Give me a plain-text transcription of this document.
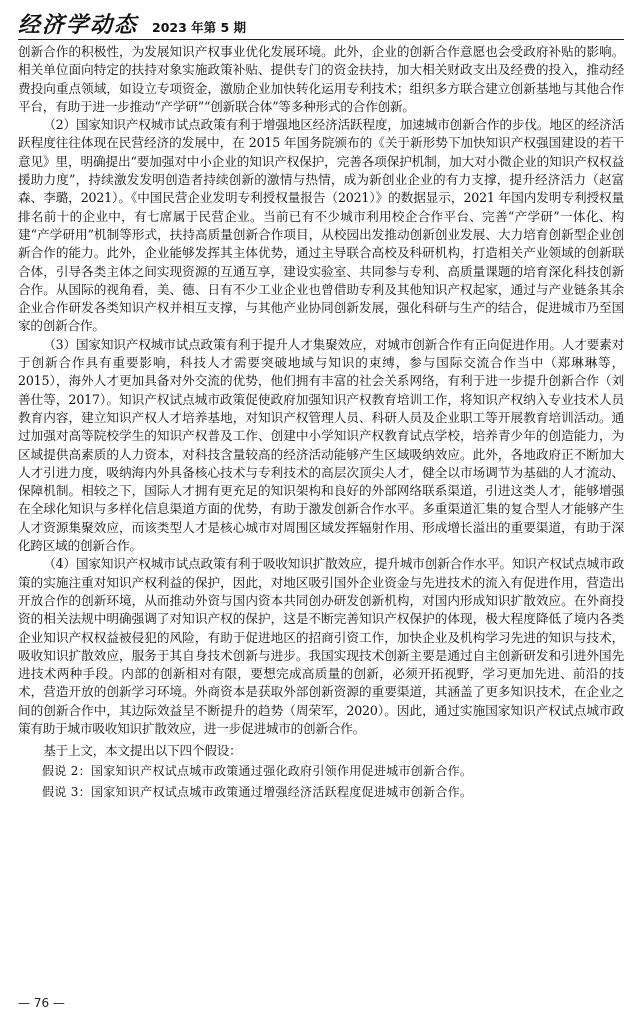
经济学动态 2023 年第 5 期

创新合作的积极性，为发展知识产权事业优化发展环境。此外，企业的创新合作意愿也会受政府补贴的影响。相关单位面向特定的扶持对象实施政策补贴、提供专门的资金扶持，加大相关财政支出及经费的投入，推动经费投向重点领域，如设立专项资金，激励企业加快转化运用专利技术；组织多方联合建立创新基地与其他合作平台，有助于进一步推动“产学研”“创新联合体”等多种形式的合作创新。

（2）国家知识产权城市试点政策有利于增强地区经济活跃程度，加速城市创新合作的步伐。地区的经济活跃程度往往体现在民营经济的发展中，在 2015 年国务院颁布的《关于新形势下加快知识产权强国建设的若干意见》里，明确提出“要加强对中小企业的知识产权保护，完善各项保护机制，加大对小微企业的知识产权权益援助力度”，持续激发发明创造者持续创新的激情与热情，成为新创业企业的有力支撑，提升经济活力（赵富森、李璐，2021）。《中国民营企业发明专利授权量报告（2021）》的数据显示，2021 年国内发明专利授权量排名前十的企业中，有七席属于民营企业。当前已有不少城市利用校企合作平台、完善“产学研”一体化、构建“产学研用”机制等形式，扶持高质量创新合作项目，从校园出发推动创新创业发展、大力培育创新型企业创新合作的能力。此外，企业能够发挥其主体优势，通过主导联合高校及科研机构，打造相关产业领域的创新联合体，引导各类主体之间实现资源的互通互享，建设实验室、共同参与专利、高质量课题的培育深化科技创新合作。从国际的视角看，美、德、日有不少工业企业也曾借助专利及其他知识产权起家，通过与产业链条其余企业合作研发各类知识产权并相互支撑，与其他产业协同创新发展，强化科研与生产的结合，促进城市乃至国家的创新合作。

（3）国家知识产权城市试点政策有利于提升人才集聚效应，对城市创新合作有正向促进作用。人才要素对于创新合作具有重要影响，科技人才需要突破地域与知识的束缚，参与国际交流合作当中（郑琳琳等，2015），海外人才更加具备对外交流的优势，他们拥有丰富的社会关系网络，有利于进一步提升创新合作（刘善仕等，2017）。知识产权试点城市政策促使政府加强知识产权教育培训工作，将知识产权纳入专业技术人员教育内容，建立知识产权人才培养基地，对知识产权管理人员、科研人员及企业职工等开展教育培训活动。通过加强对高等院校学生的知识产权普及工作、创建中小学知识产权教育试点学校，培养青少年的创造能力，为区域提供高素质的人力资本，对科技含量较高的经济活动能够产生区域吸纳效应。此外，各地政府正不断加大人才引进力度，吸纳海内外具备核心技术与专利技术的高层次顶尖人才，健全以市场调节为基础的人才流动、保障机制。相较之下，国际人才拥有更充足的知识架构和良好的外部网络联系渠道，引进这类人才，能够增强在全球化知识与多样化信息渠道方面的优势，有助于激发创新合作水平。多重渠道汇集的复合型人才能够产生人才资源集聚效应，而该类型人才是核心城市对周围区域发挥辐射作用、形成增长溢出的重要渠道，有助于深化跨区域的创新合作。

（4）国家知识产权城市试点政策有利于吸收知识扩散效应，提升城市创新合作水平。知识产权试点城市政策的实施注重对知识产权利益的保护，因此，对地区吸引国外企业资金与先进技术的流入有促进作用，营造出开放合作的创新环境，从而推动外资与国内资本共同创办研发创新机构，对国内形成知识扩散效应。在外商投资的相关法规中明确强调了对知识产权的保护，这是不断完善知识产权保护的体现，极大程度降低了境内各类企业知识产权权益被侵犯的风险，有助于促进地区的招商引资工作，加快企业及机构学习先进的知识与技术，吸收知识扩散效应，服务于其自身技术创新与进步。我国实现技术创新主要是通过自主创新研发和引进外国先进技术两种手段。内部的创新相对有限，要想完成高质量的创新，必须开拓视野，学习更加先进、前沿的技术，营造开放的创新学习环境。外商资本是获取外部创新资源的重要渠道，其涵盖了更多知识技术，在企业之间的创新合作中，其边际效益呈不断提升的趋势（周荣军，2020）。因此，通过实施国家知识产权试点城市政策有助于城市吸收知识扩散效应，进一步促进城市的创新合作。

基于上文，本文提出以下四个假设：

假说 2：国家知识产权试点城市政策通过强化政府引领作用促进城市创新合作。

假说 3：国家知识产权试点城市政策通过增强经济活跃程度促进城市创新合作。

— 76 —
